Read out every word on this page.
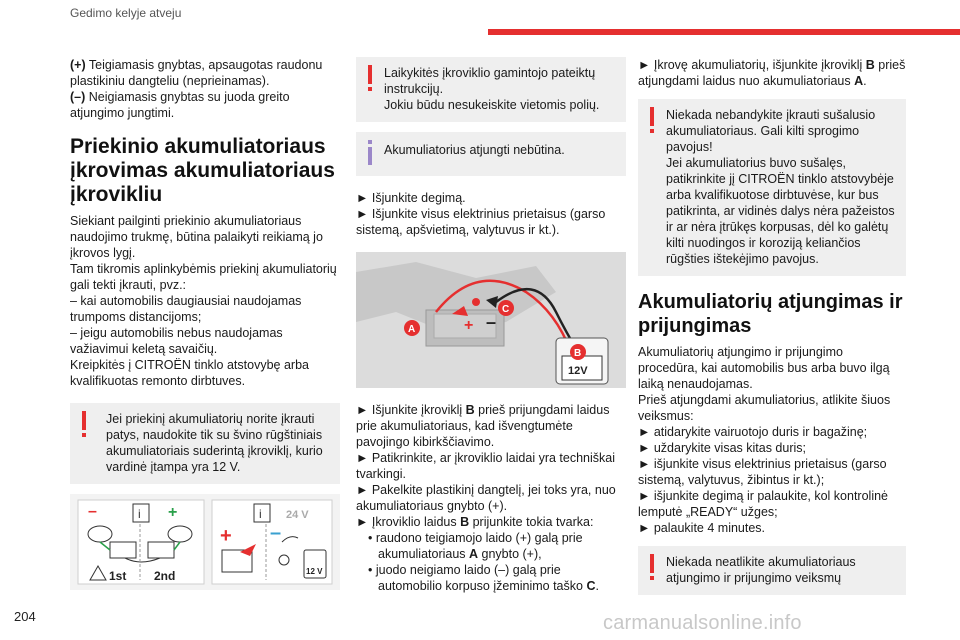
Gedimo kelyje atveju
(+) Teigiamasis gnybtas, apsaugotas raudonu plastikiniu dangteliu (neprieinamas).
(–) Neigiamasis gnybtas su juoda greito atjungimo jungtimi.
Priekinio akumuliatoriaus įkrovimas akumuliatoriaus įkrovikliu
Siekiant pailginti priekinio akumuliatoriaus naudojimo trukmę, būtina palaikyti reikiamą jo įkrovos lygį.
Tam tikromis aplinkybėmis priekinį akumuliatorių gali tekti įkrauti, pvz.:
– kai automobilis daugiausiai naudojamas trumpoms distancijoms;
– jeigu automobilis nebus naudojamas važiavimui keletą savaičių.
Kreipkitės į CITROËN tinklo atstovybę arba kvalifikuotas remonto dirbtuves.
Jei priekinį akumuliatorių norite įkrauti patys, naudokite tik su švino rūgštiniais akumuliatoriais suderintą įkroviklį, kurio vardinė įtampa yra 12 V.
–	i +
1st 2nd
i 24 V
+ –
12 V
Laikykitės įkroviklio gamintojo pateiktų instrukcijų.
Jokiu būdu nesukeiskite vietomis polių.
Akumuliatorius atjungti nebūtina.
► Išjunkite degimą.
► Išjunkite visus elektrinius prietaisus (garso sistemą, apšvietimą, valytuvus ir kt.).
+ –
A
C
12V
B
► Išjunkite įkroviklį B prieš prijungdami laidus prie akumuliatoriaus, kad išvengtumėte pavojingo kibirkščiavimo.
► Patikrinkite, ar įkroviklio laidai yra techniškai tvarkingi.
► Pakelkite plastikinį dangtelį, jei toks yra, nuo akumuliatoriaus gnybto (+).
► Įkroviklio laidus B prijunkite tokia tvarka:
• raudono teigiamojo laido (+) galą prie akumuliatoriaus A gnybto (+),
• juodo neigiamo laido (–) galą prie automobilio korpuso įžeminimo taško C.
► Įkrovę akumuliatorių, išjunkite įkroviklį B prieš atjungdami laidus nuo akumuliatoriaus A.
Niekada nebandykite įkrauti sušalusio akumuliatoriaus. Gali kilti sprogimo pavojus!
Jei akumuliatorius buvo sušalęs, patikrinkite jį CITROËN tinklo atstovybėje arba kvalifikuotose dirbtuvėse, kur bus patikrinta, ar vidinės dalys nėra pažeistos ir ar nėra įtrūkęs korpusas, dėl ko galėtų kilti nuodingos ir koroziją keliančios rūgšties ištekėjimo pavojus.
Akumuliatorių atjungimas ir prijungimas
Akumuliatorių atjungimo ir prijungimo procedūra, kai automobilis bus arba buvo ilgą laiką nenaudojamas.
Prieš atjungdami akumuliatorius, atlikite šiuos veiksmus:
► atidarykite vairuotojo duris ir bagažinę;
► uždarykite visas kitas duris;
► išjunkite visus elektrinius prietaisus (garso sistemą, valytuvus, žibintus ir kt.);
► išjunkite degimą ir palaukite, kol kontrolinė lemputė „READY“ užges;
► palaukite 4 minutes.
Niekada neatlikite akumuliatoriaus atjungimo ir prijungimo veiksmų
204	carmanualsonline.info
